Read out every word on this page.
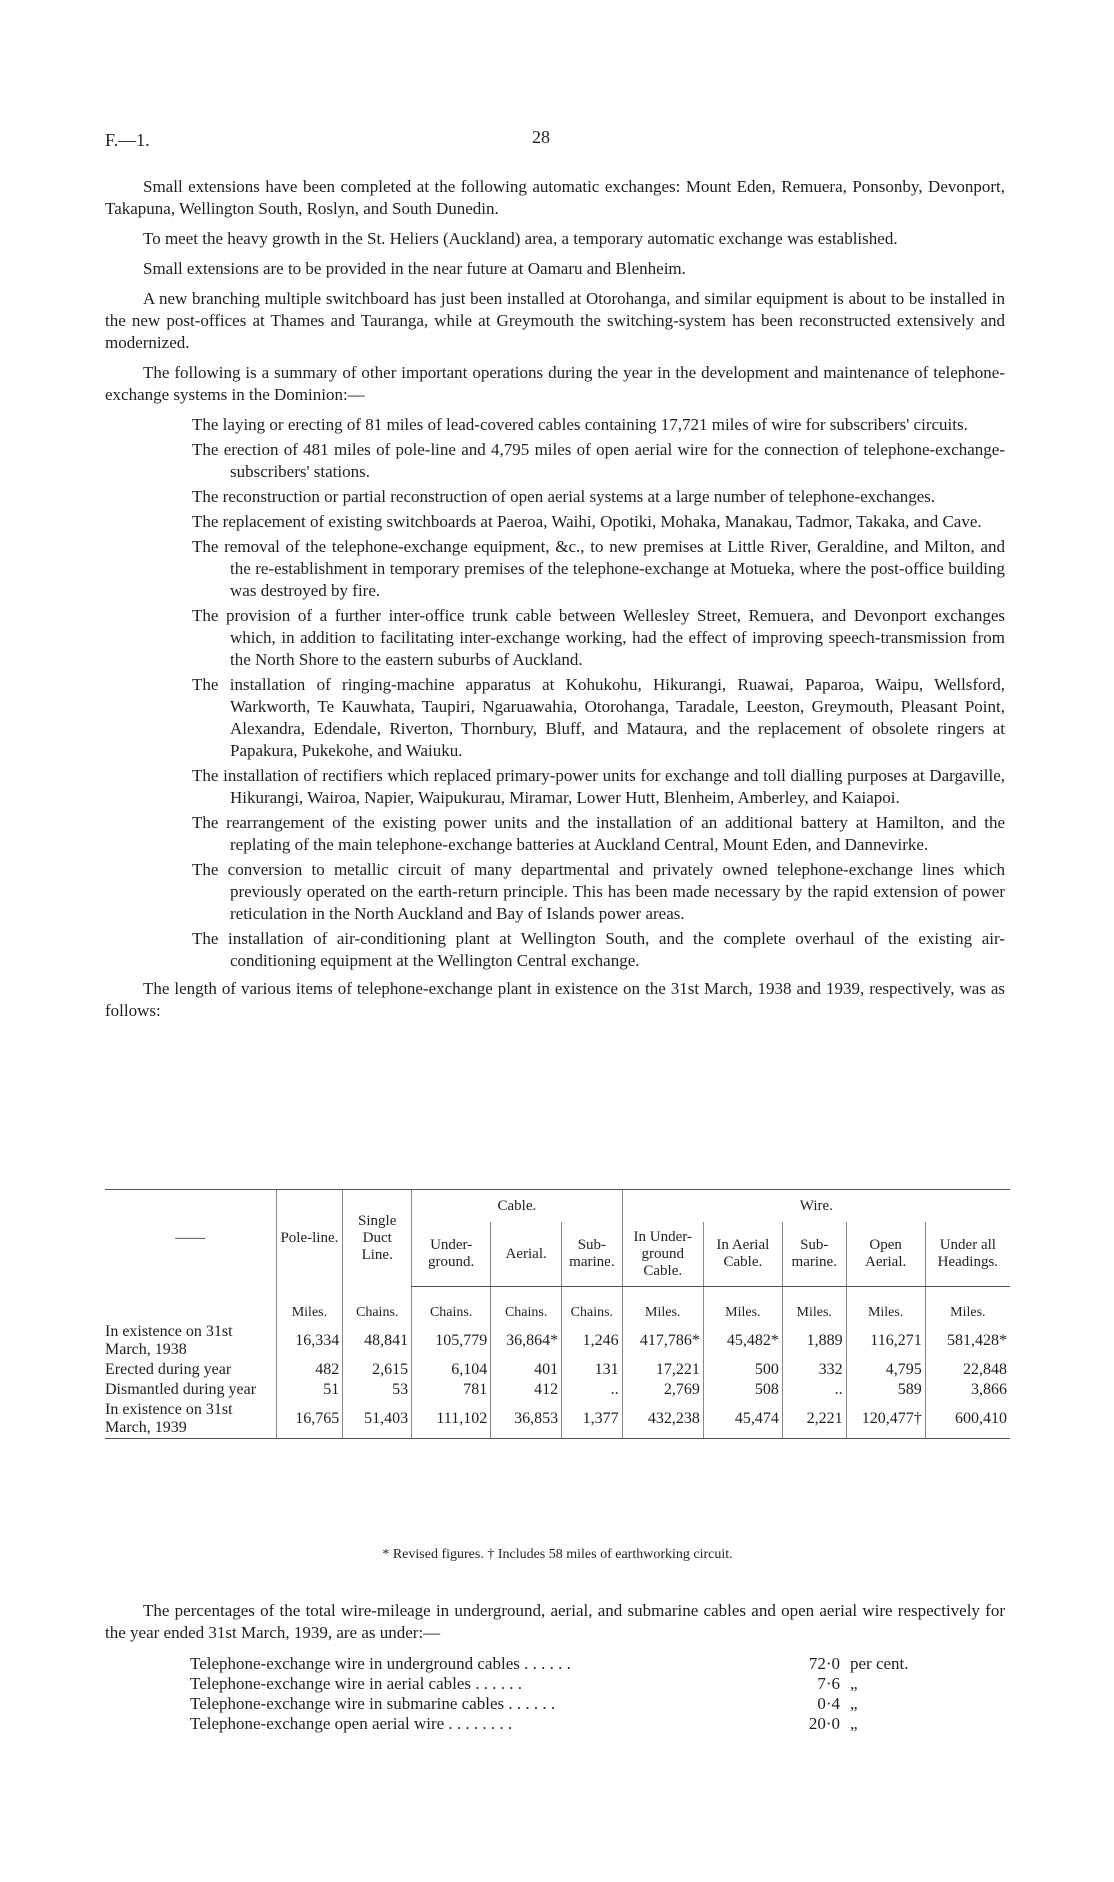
F.—1.	28

Small extensions have been completed at the following automatic exchanges: Mount Eden, Remuera, Ponsonby, Devonport, Takapuna, Wellington South, Roslyn, and South Dunedin.

To meet the heavy growth in the St. Heliers (Auckland) area, a temporary automatic exchange was established.

Small extensions are to be provided in the near future at Oamaru and Blenheim.

A new branching multiple switchboard has just been installed at Otorohanga, and similar equipment is about to be installed in the new post-offices at Thames and Tauranga, while at Greymouth the switching-system has been reconstructed extensively and modernized.

The following is a summary of other important operations during the year in the development and maintenance of telephone-exchange systems in the Dominion:—

The laying or erecting of 81 miles of lead-covered cables containing 17,721 miles of wire for subscribers' circuits.
The erection of 481 miles of pole-line and 4,795 miles of open aerial wire for the connection of telephone-exchange-subscribers' stations.
The reconstruction or partial reconstruction of open aerial systems at a large number of telephone-exchanges.
The replacement of existing switchboards at Paeroa, Waihi, Opotiki, Mohaka, Manakau, Tadmor, Takaka, and Cave.
The removal of the telephone-exchange equipment, &c., to new premises at Little River, Geraldine, and Milton, and the re-establishment in temporary premises of the telephone-exchange at Motueka, where the post-office building was destroyed by fire.
The provision of a further inter-office trunk cable between Wellesley Street, Remuera, and Devonport exchanges which, in addition to facilitating inter-exchange working, had the effect of improving speech-transmission from the North Shore to the eastern suburbs of Auckland.
The installation of ringing-machine apparatus at Kohukohu, Hikurangi, Ruawai, Paparoa, Waipu, Wellsford, Warkworth, Te Kauwhata, Taupiri, Ngaruawahia, Otorohanga, Taradale, Leeston, Greymouth, Pleasant Point, Alexandra, Edendale, Riverton, Thornbury, Bluff, and Mataura, and the replacement of obsolete ringers at Papakura, Pukekohe, and Waiuku.
The installation of rectifiers which replaced primary-power units for exchange and toll dialling purposes at Dargaville, Hikurangi, Wairoa, Napier, Waipukurau, Miramar, Lower Hutt, Blenheim, Amberley, and Kaiapoi.
The rearrangement of the existing power units and the installation of an additional battery at Hamilton, and the replating of the main telephone-exchange batteries at Auckland Central, Mount Eden, and Dannevirke.
The conversion to metallic circuit of many departmental and privately owned telephone-exchange lines which previously operated on the earth-return principle. This has been made necessary by the rapid extension of power reticulation in the North Auckland and Bay of Islands power areas.
The installation of air-conditioning plant at Wellington South, and the complete overhaul of the existing air-conditioning equipment at the Wellington Central exchange.

The length of various items of telephone-exchange plant in existence on the 31st March, 1938 and 1939, respectively, was as follows:

——	Pole-line.	Single Duct Line.	Cable.			Wire.				
			Under-ground.	Aerial.	Sub-marine.	In Under-ground Cable.	In Aerial Cable.	Sub-marine.	Open Aerial.	Under all Headings.
	Miles.	Chains.	Chains.	Chains.	Chains.	Miles.	Miles.	Miles.	Miles.	Miles.
In existence on 31st March, 1938	16,334	48,841	105,779	36,864*	1,246	417,786*	45,482*	1,889	116,271	581,428*
Erected during year	482	2,615	6,104	401	131	17,221	500	332	4,795	22,848
Dismantled during year	51	53	781	412	..	2,769	508	..	589	3,866
In existence on 31st March, 1939	16,765	51,403	111,102	36,853	1,377	432,238	45,474	2,221	120,477†	600,410
* Revised figures. † Includes 58 miles of earthworking circuit.
The percentages of the total wire-mileage in underground, aerial, and submarine cables and open aerial wire respectively for the year ended 31st March, 1939, are as under:—
Telephone-exchange wire in underground cables . . . . . .	72·0 per cent.
Telephone-exchange wire in aerial cables . . . . . .	7·6 „
Telephone-exchange wire in submarine cables . . . . . .	0·4 „
Telephone-exchange open aerial wire . . . . . . . .	20·0 „
